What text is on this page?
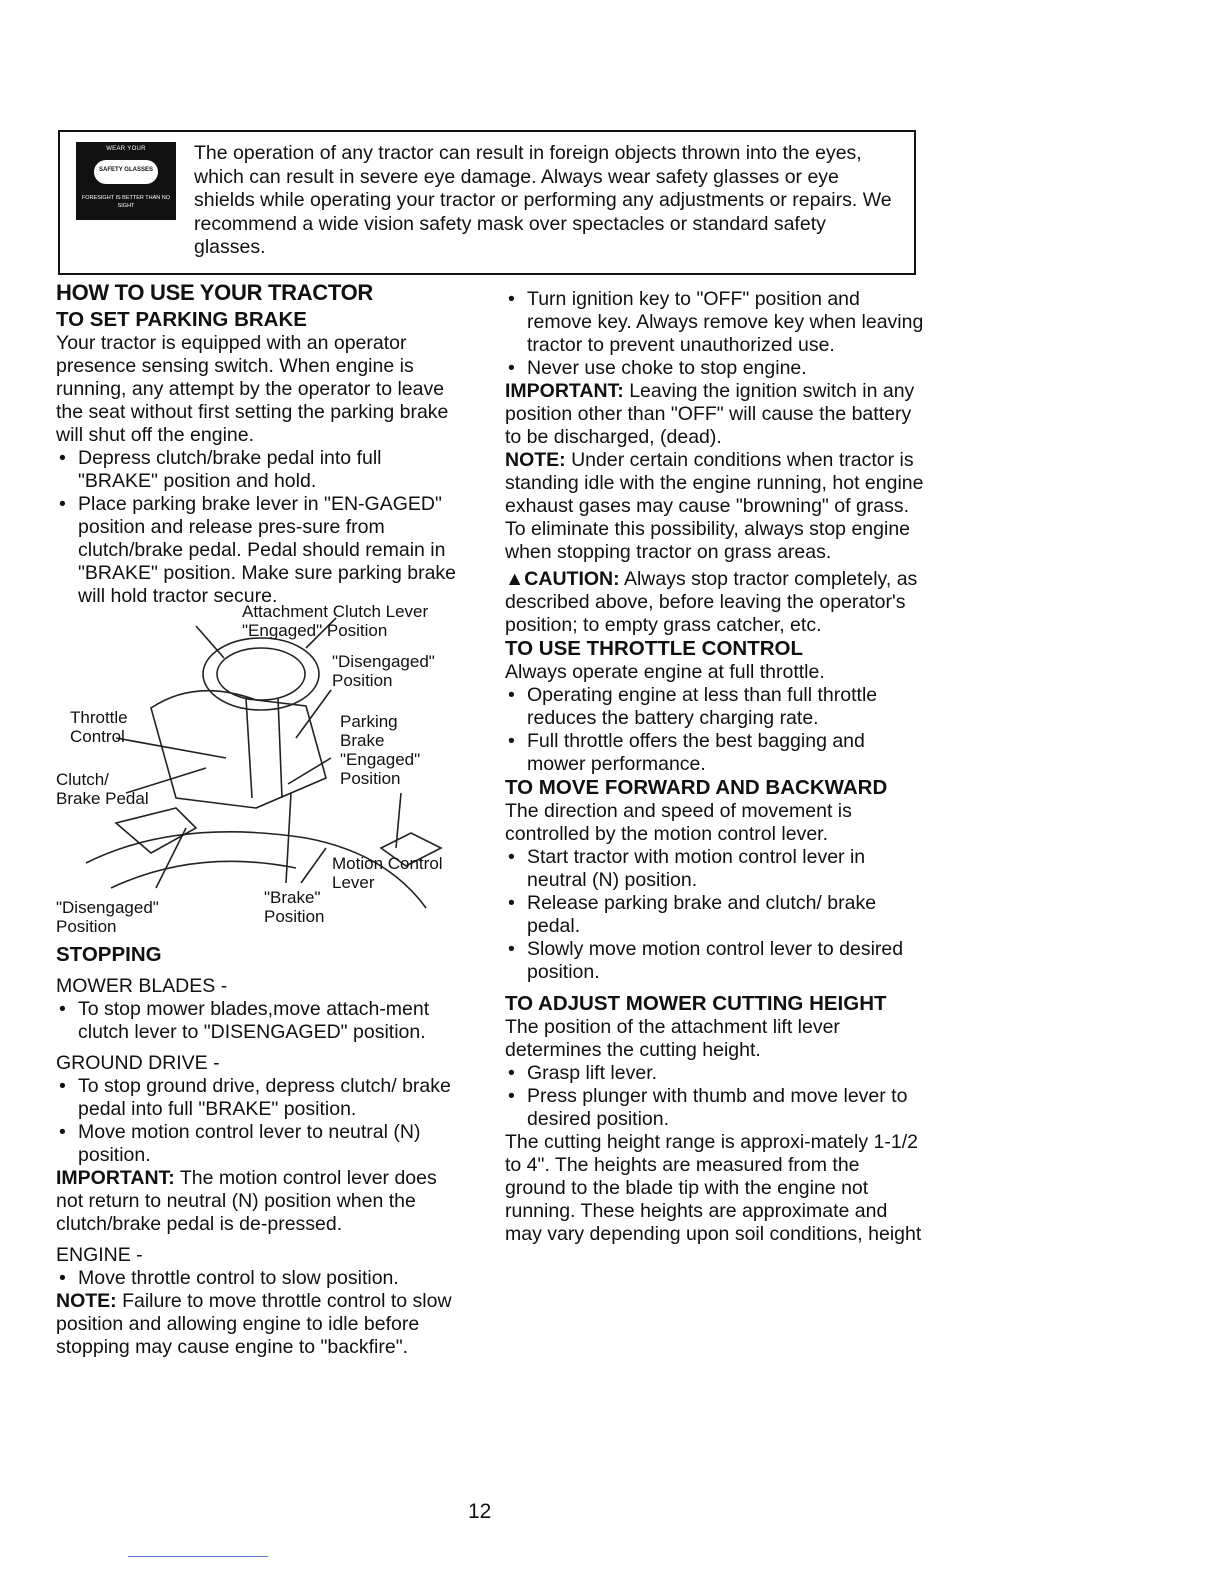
WEAR YOUR
SAFETY GLASSES
FORESIGHT IS BETTER THAN NO SIGHT

The operation of any tractor can result in foreign objects thrown into the eyes, which can result in severe eye damage. Always wear safety glasses or eye shields while operating your tractor or performing any adjustments or repairs. We recommend a wide vision safety mask over spectacles or standard safety glasses.

HOW TO USE YOUR TRACTOR
TO SET PARKING BRAKE

Your tractor is equipped with an operator presence sensing switch. When engine is running, any attempt by the operator to leave the seat without first setting the parking brake will shut off the engine.

• Depress clutch/brake pedal into full "BRAKE" position and hold.
• Place parking brake lever in "EN-GAGED" position and release pres-sure from clutch/brake pedal. Pedal should remain in "BRAKE" position. Make sure parking brake will hold tractor secure.
Attachment Clutch Lever
"Engaged" Position
"Disengaged"
Position
Throttle
Control
Parking
Brake
"Engaged"
Position
Clutch/
Brake Pedal
Motion Control
Lever
"Brake"
Position
"Disengaged"
Position
STOPPING

MOWER BLADES -

• To stop mower blades,move attach-ment clutch lever to "DISENGAGED" position.

GROUND DRIVE -

• To stop ground drive, depress clutch/ brake pedal into full "BRAKE" position.
• Move motion control lever to neutral (N) position.

IMPORTANT: The motion control lever does not return to neutral (N) position when the clutch/brake pedal is de-pressed.

ENGINE -

• Move throttle control to slow position.

NOTE: Failure to move throttle control to slow position and allowing engine to idle before stopping may cause engine to "backfire".

• Turn ignition key to "OFF" position and remove key. Always remove key when leaving tractor to prevent unauthorized use.
• Never use choke to stop engine.

IMPORTANT: Leaving the ignition switch in any position other than "OFF" will cause the battery to be discharged, (dead).

NOTE: Under certain conditions when tractor is standing idle with the engine running, hot engine exhaust gases may cause "browning" of grass. To eliminate this possibility, always stop engine when stopping tractor on grass areas.

▲CAUTION: Always stop tractor completely, as described above, before leaving the operator's position; to empty grass catcher, etc.

TO USE THROTTLE CONTROL

Always operate engine at full throttle.

• Operating engine at less than full throttle reduces the battery charging rate.
• Full throttle offers the best bagging and mower performance.
TO MOVE FORWARD AND BACKWARD

The direction and speed of movement is controlled by the motion control lever.

• Start tractor with motion control lever in neutral (N) position.
• Release parking brake and clutch/ brake pedal.
• Slowly move motion control lever to desired position.
TO ADJUST MOWER CUTTING HEIGHT

The position of the attachment lift lever determines the cutting height.

• Grasp lift lever.
• Press plunger with thumb and move lever to desired position.

The cutting height range is approxi-mately 1-1/2 to 4". The heights are measured from the ground to the blade tip with the engine not running. These heights are approximate and may vary depending upon soil conditions, height

12
